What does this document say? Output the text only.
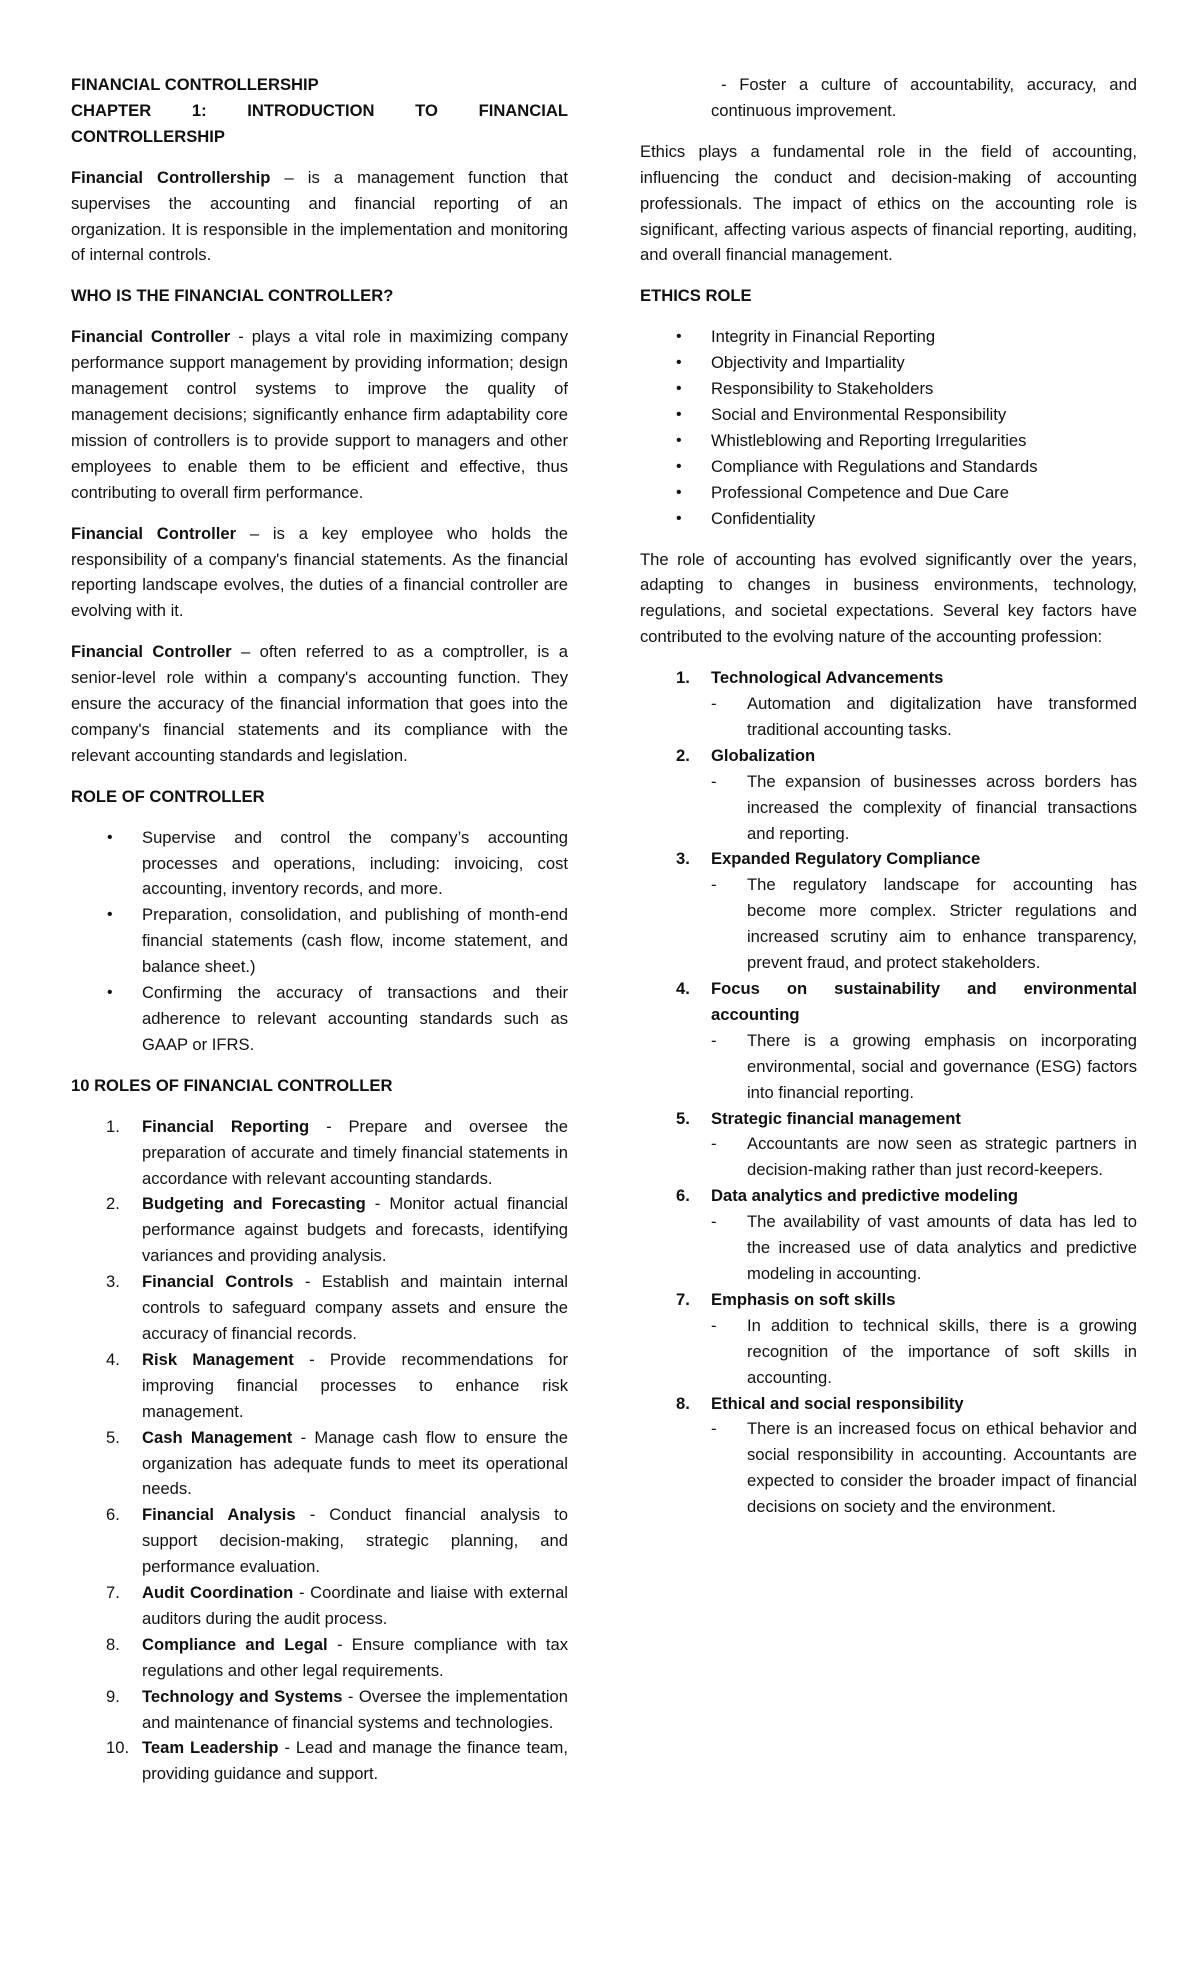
FINANCIAL CONTROLLERSHIP
CHAPTER 1: INTRODUCTION TO FINANCIAL
CONTROLLERSHIP

Financial Controllership – is a management function that supervises the accounting and financial reporting of an organization. It is responsible in the implementation and monitoring of internal controls.

WHO IS THE FINANCIAL CONTROLLER?

Financial Controller - plays a vital role in maximizing company performance support management by providing information; design management control systems to improve the quality of management decisions; significantly enhance firm adaptability core mission of controllers is to provide support to managers and other employees to enable them to be efficient and effective, thus contributing to overall firm performance.

Financial Controller – is a key employee who holds the responsibility of a company's financial statements. As the financial reporting landscape evolves, the duties of a financial controller are evolving with it.

Financial Controller – often referred to as a comptroller, is a senior-level role within a company's accounting function. They ensure the accuracy of the financial information that goes into the company's financial statements and its compliance with the relevant accounting standards and legislation.

ROLE OF CONTROLLER
• Supervise and control the company’s accounting processes and operations, including: invoicing, cost accounting, inventory records, and more.
• Preparation, consolidation, and publishing of month-end financial statements (cash flow, income statement, and balance sheet.)
• Confirming the accuracy of transactions and their adherence to relevant accounting standards such as GAAP or IFRS.
10 ROLES OF FINANCIAL CONTROLLER
1. Financial Reporting - Prepare and oversee the preparation of accurate and timely financial statements in accordance with relevant accounting standards.
2. Budgeting and Forecasting - Monitor actual financial performance against budgets and forecasts, identifying variances and providing analysis.
3. Financial Controls - Establish and maintain internal controls to safeguard company assets and ensure the accuracy of financial records.
4. Risk Management - Provide recommendations for improving financial processes to enhance risk management.
5. Cash Management - Manage cash flow to ensure the organization has adequate funds to meet its operational needs.
6. Financial Analysis - Conduct financial analysis to support decision-making, strategic planning, and performance evaluation.
7. Audit Coordination - Coordinate and liaise with external auditors during the audit process.
8. Compliance and Legal - Ensure compliance with tax regulations and other legal requirements.
9. Technology and Systems - Oversee the implementation and maintenance of financial systems and technologies.
10. Team Leadership - Lead and manage the finance team, providing guidance and support.
- Foster a culture of accountability, accuracy, and continuous improvement.

Ethics plays a fundamental role in the field of accounting, influencing the conduct and decision-making of accounting professionals. The impact of ethics on the accounting role is significant, affecting various aspects of financial reporting, auditing, and overall financial management.

ETHICS ROLE
• Integrity in Financial Reporting
• Objectivity and Impartiality
• Responsibility to Stakeholders
• Social and Environmental Responsibility
• Whistleblowing and Reporting Irregularities
• Compliance with Regulations and Standards
• Professional Competence and Due Care
• Confidentiality

The role of accounting has evolved significantly over the years, adapting to changes in business environments, technology, regulations, and societal expectations. Several key factors have contributed to the evolving nature of the accounting profession:

1. Technological Advancements
- Automation and digitalization have transformed traditional accounting tasks.
2. Globalization
- The expansion of businesses across borders has increased the complexity of financial transactions and reporting.
3. Expanded Regulatory Compliance
- The regulatory landscape for accounting has become more complex. Stricter regulations and increased scrutiny aim to enhance transparency, prevent fraud, and protect stakeholders.
4. Focus on sustainability and environmental accounting
- There is a growing emphasis on incorporating environmental, social and governance (ESG) factors into financial reporting.
5. Strategic financial management
- Accountants are now seen as strategic partners in decision-making rather than just record-keepers.
6. Data analytics and predictive modeling
- The availability of vast amounts of data has led to the increased use of data analytics and predictive modeling in accounting.
7. Emphasis on soft skills
- In addition to technical skills, there is a growing recognition of the importance of soft skills in accounting.
8. Ethical and social responsibility
- There is an increased focus on ethical behavior and social responsibility in accounting. Accountants are expected to consider the broader impact of financial decisions on society and the environment.
